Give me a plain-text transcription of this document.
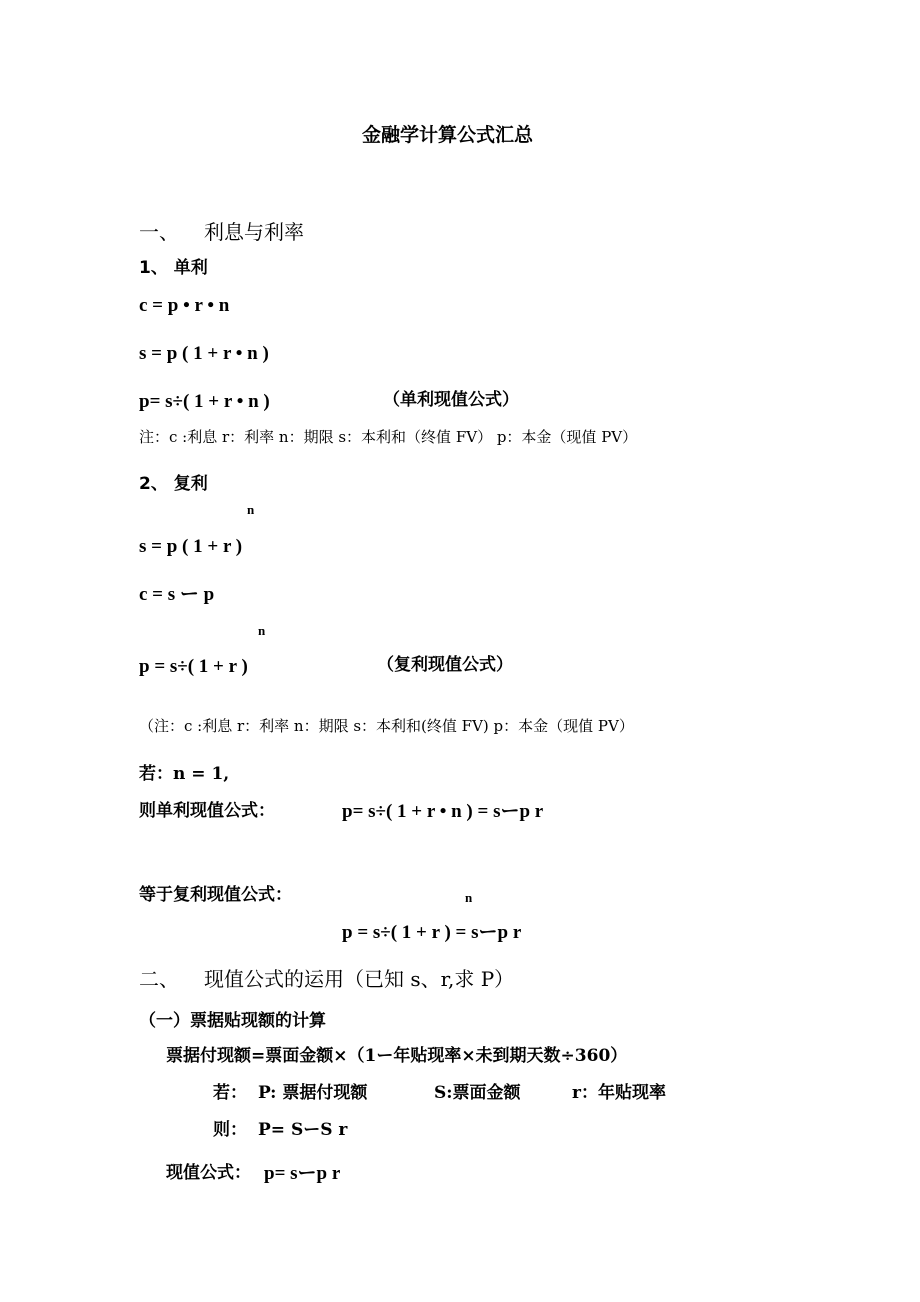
金融学计算公式汇总
一、 利息与利率
1、 单利
c = p • r • n
s = p ( 1 + r • n )
p= s÷( 1 + r • n )	（单利现值公式）
注：c :利息 r：利率 n：期限 s：本利和（终值 FV） p：本金（现值 PV）
2、 复利
n
s = p ( 1 + r )
c = s ー p
n
p = s÷( 1 + r )	（复利现值公式）
（注：c :利息 r：利率 n：期限 s：本利和(终值 FV) p：本金（现值 PV）
若：n = 1,
则单利现值公式：	p= s÷( 1 + r • n ) = sーp r
等于复利现值公式：	n
p = s÷( 1 + r ) = sーp r
二、 现值公式的运用（已知 s、r,求 P）
（一）票据贴现额的计算
票据付现额=票面金额×（1ー年贴现率×未到期天数÷360）
若： P: 票据付现额	S:票面金额	r：年贴现率
则： P= SーS r
现值公式： p= sーp r
